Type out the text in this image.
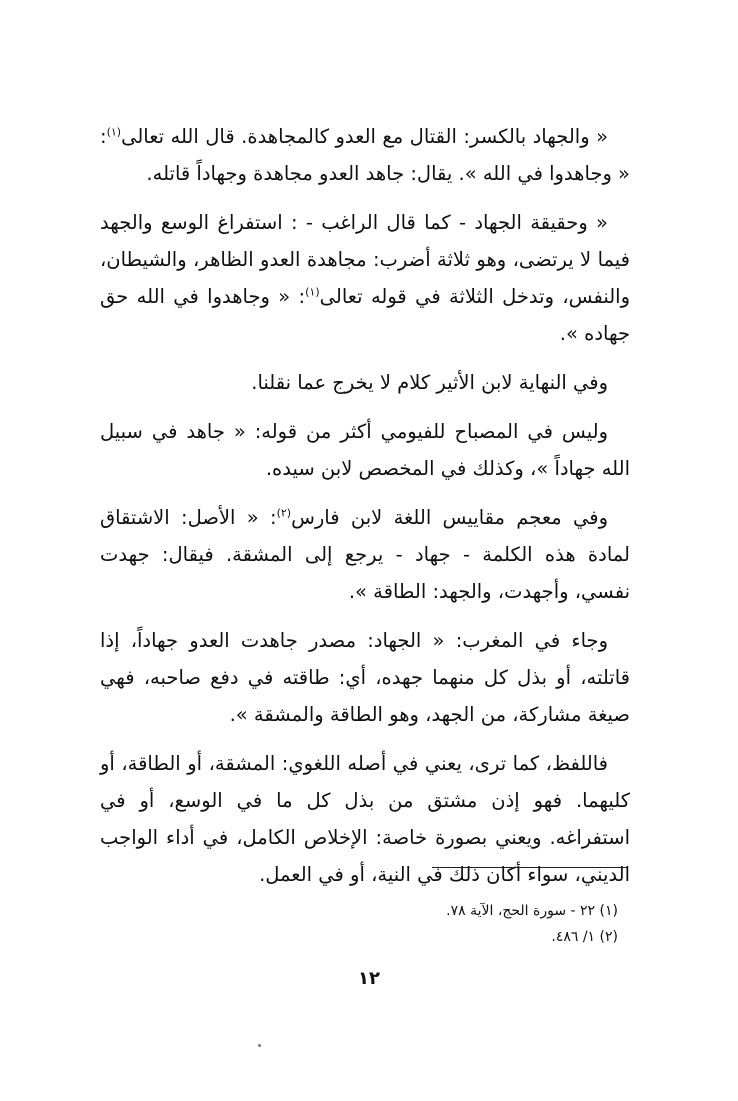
« والجهاد بالكسر: القتال مع العدو كالمجاهدة. قال الله تعالى$^{(١)}$: « وجاهدوا في الله ». يقال: جاهد العدو مجاهدة وجهاداً قاتله.

« وحقيقة الجهاد - كما قال الراغب - : استفراغ الوسع والجهد فيما لا يرتضى، وهو ثلاثة أضرب: مجاهدة العدو الظاهر، والشيطان، والنفس، وتدخل الثلاثة في قوله تعالى$^{(١)}$: « وجاهدوا في الله حق جهاده ».

وفي النهاية لابن الأثير كلام لا يخرج عما نقلنا.

وليس في المصباح للفيومي أكثر من قوله: « جاهد في سبيل الله جهاداً »، وكذلك في المخصص لابن سيده.

وفي معجم مقاييس اللغة لابن فارس$^{(٢)}$: « الأصل: الاشتقاق لمادة هذه الكلمة - جهاد - يرجع إلى المشقة. فيقال: جهدت نفسي، وأجهدت، والجهد: الطاقة ».

وجاء في المغرب: « الجهاد: مصدر جاهدت العدو جهاداً، إذا قاتلته، أو بذل كل منهما جهده، أي: طاقته في دفع صاحبه، فهي صيغة مشاركة، من الجهد، وهو الطاقة والمشقة ».

فاللفظ، كما ترى، يعني في أصله اللغوي: المشقة، أو الطاقة، أو كليهما. فهو إذن مشتق من بذل كل ما في الوسع، أو في استفراغه. ويعني بصورة خاصة: الإخلاص الكامل، في أداء الواجب الديني، سواء أكان ذلك في النية، أو في العمل.

(١) ٢٢ - سورة الحج، الآية ٧٨.
(٢) ١/ ٤٨٦.
١٢
